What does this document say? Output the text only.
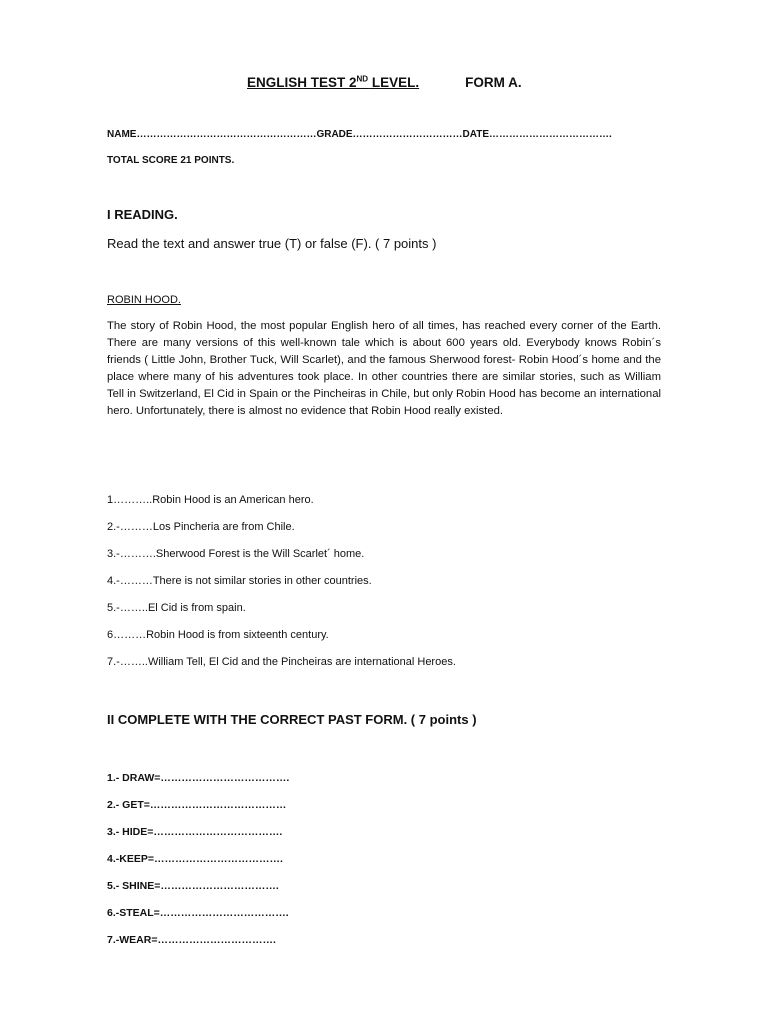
ENGLISH TEST 2ND LEVEL.	FORM A.
NAME………………………………………………GRADE……………………………DATE……………………………….
TOTAL SCORE 21 POINTS.
I READING.
Read the text and answer true (T) or false (F). ( 7 points )
ROBIN HOOD.
The story of Robin Hood, the most popular English hero of all times, has reached every corner of the Earth. There are many versions of this well-known tale which is about 600 years old. Everybody knows Robin´s friends ( Little John, Brother Tuck, Will Scarlet), and the famous Sherwood forest- Robin Hood´s home and the place where many of his adventures took place. In other countries there are similar stories, such as William Tell in Switzerland, El Cid in Spain or the Pincheiras in Chile, but only Robin Hood has become an international hero. Unfortunately, there is almost no evidence that Robin Hood really existed.
1………..Robin Hood is an American hero.
2.-………Los Pincheria are from Chile.
3.-……….Sherwood Forest is the Will Scarlet´ home.
4.-………There is not similar stories in other countries.
5.-……..El Cid is from spain.
6………Robin Hood is from sixteenth century.
7.-……..William Tell, El Cid and the Pincheiras are international Heroes.
II COMPLETE WITH THE CORRECT PAST FORM. ( 7 points )
1.- DRAW=……………………………….
2.- GET=…………………………………
3.- HIDE=……………………………….
4.-KEEP=……………………………….
5.- SHINE=…………………………….
6.-STEAL=……………………………….
7.-WEAR=…………………………….
